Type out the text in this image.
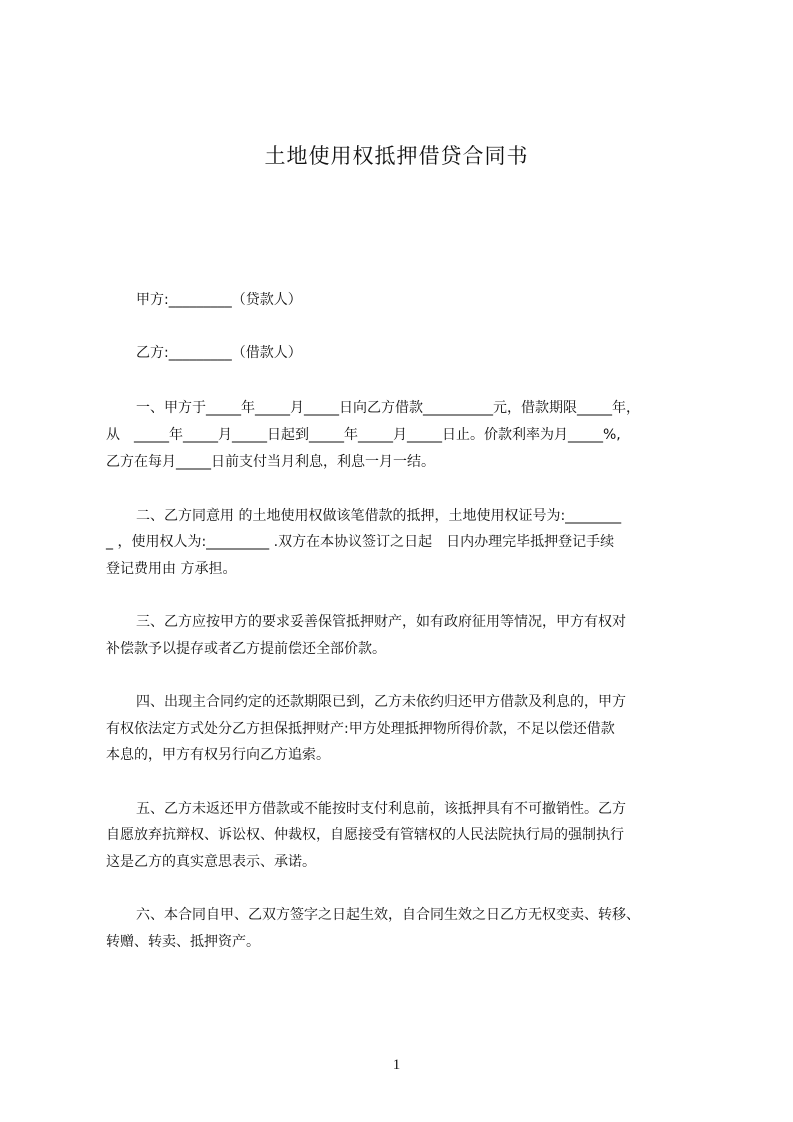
土地使用权抵押借贷合同书
甲方:_________（贷款人）
乙方:_________（借款人）
一、甲方于_____年_____月_____日向乙方借款__________元，借款期限_____年，
从　_____年_____月_____日起到_____年_____月_____日止。价款利率为月_____%,
乙方在每月_____日前支付当月利息，利息一月一结。
二、乙方同意用 的土地使用权做该笔借款的抵押，土地使用权证号为:________
_ ，使用权人为:_________ .双方在本协议签订之日起　日内办理完毕抵押登记手续
登记费用由 方承担。
三、乙方应按甲方的要求妥善保管抵押财产，如有政府征用等情况，甲方有权对
补偿款予以提存或者乙方提前偿还全部价款。
四、出现主合同约定的还款期限已到，乙方未依约归还甲方借款及利息的，甲方
有权依法定方式处分乙方担保抵押财产:甲方处理抵押物所得价款，不足以偿还借款
本息的，甲方有权另行向乙方追索。
五、乙方未返还甲方借款或不能按时支付利息前，该抵押具有不可撤销性。乙方
自愿放弃抗辩权、诉讼权、仲裁权，自愿接受有管辖权的人民法院执行局的强制执行
这是乙方的真实意思表示、承诺。
六、本合同自甲、乙双方签字之日起生效，自合同生效之日乙方无权变卖、转移、
转赠、转卖、抵押资产。
1
